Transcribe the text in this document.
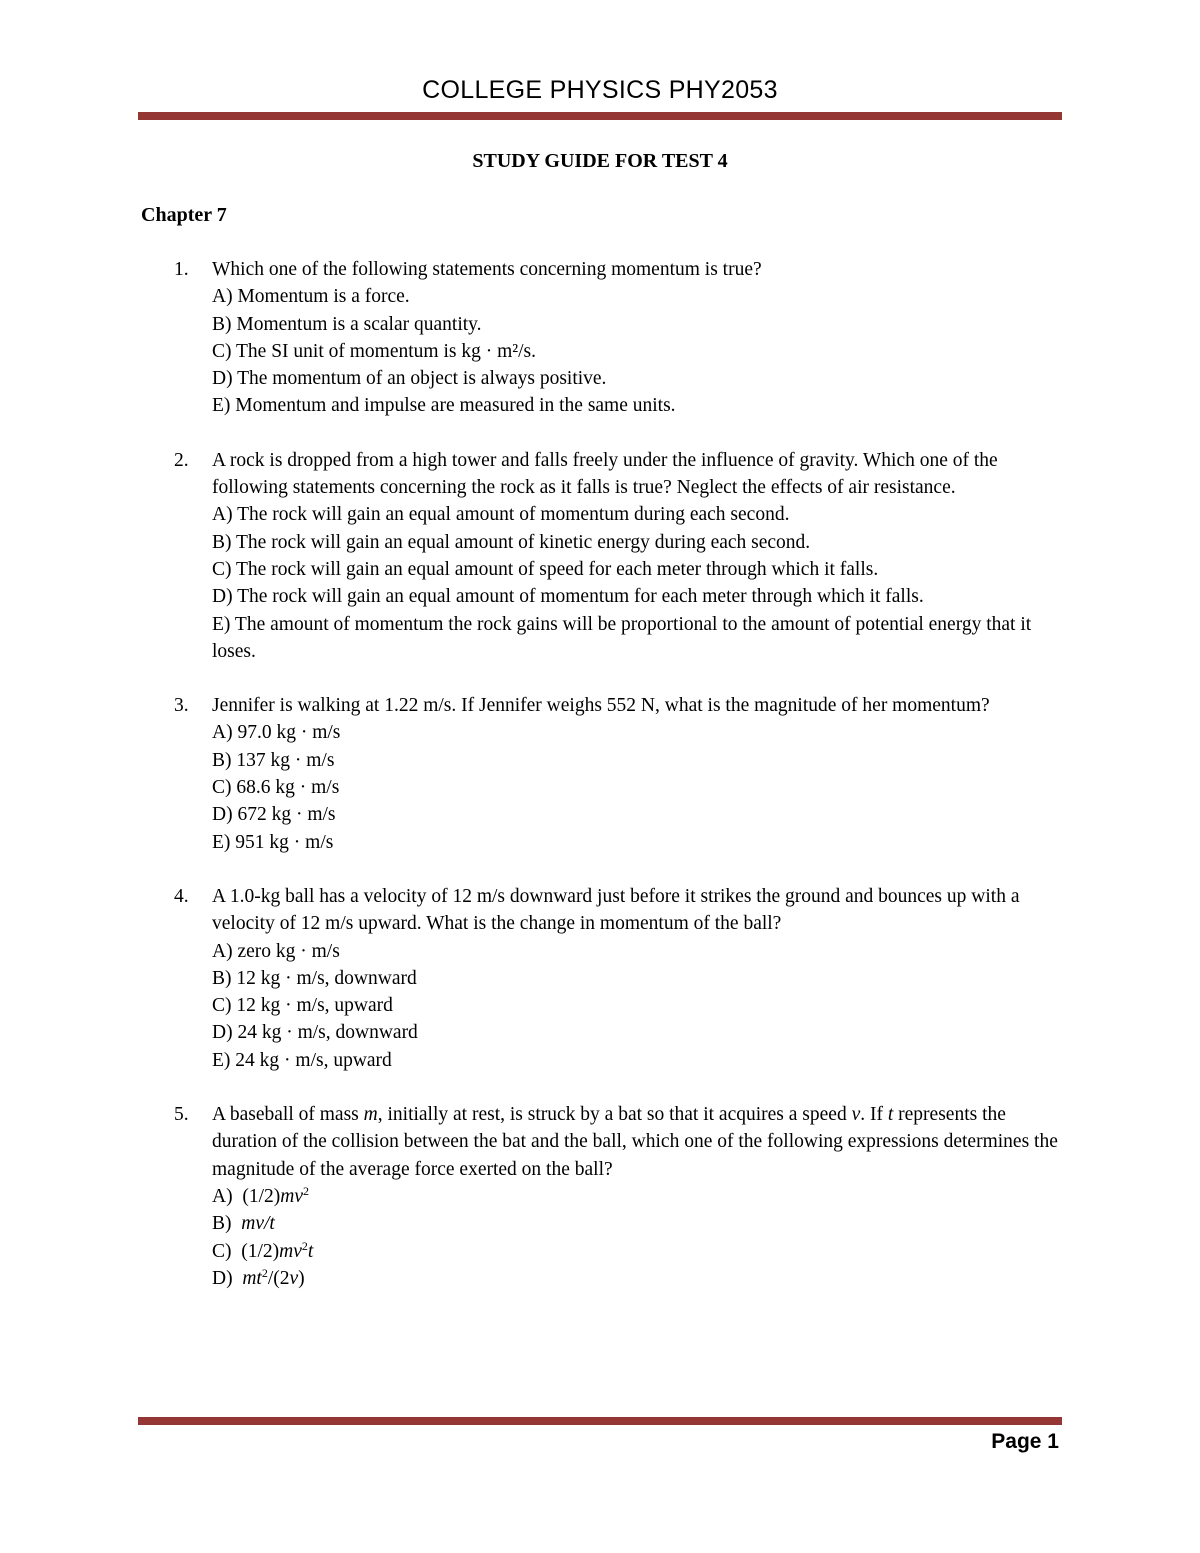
COLLEGE PHYSICS PHY2053
STUDY GUIDE FOR TEST 4
Chapter 7
1. Which one of the following statements concerning momentum is true?
A) Momentum is a force.
B) Momentum is a scalar quantity.
C) The SI unit of momentum is kg · m²/s.
D) The momentum of an object is always positive.
E) Momentum and impulse are measured in the same units.
2. A rock is dropped from a high tower and falls freely under the influence of gravity. Which one of the following statements concerning the rock as it falls is true? Neglect the effects of air resistance.
A) The rock will gain an equal amount of momentum during each second.
B) The rock will gain an equal amount of kinetic energy during each second.
C) The rock will gain an equal amount of speed for each meter through which it falls.
D) The rock will gain an equal amount of momentum for each meter through which it falls.
E) The amount of momentum the rock gains will be proportional to the amount of potential energy that it loses.
3. Jennifer is walking at 1.22 m/s. If Jennifer weighs 552 N, what is the magnitude of her momentum?
A) 97.0 kg · m/s
B) 137 kg · m/s
C) 68.6 kg · m/s
D) 672 kg · m/s
E) 951 kg · m/s
4. A 1.0-kg ball has a velocity of 12 m/s downward just before it strikes the ground and bounces up with a velocity of 12 m/s upward. What is the change in momentum of the ball?
A) zero kg · m/s
B) 12 kg · m/s, downward
C) 12 kg · m/s, upward
D) 24 kg · m/s, downward
E) 24 kg · m/s, upward
5. A baseball of mass m, initially at rest, is struck by a bat so that it acquires a speed v. If t represents the duration of the collision between the bat and the ball, which one of the following expressions determines the magnitude of the average force exerted on the ball?
A)  $(1/2)mv^2$
B)  mv/t
C)  $(1/2)mv^2t$
D)  $mt^2/(2v)$
Page 1
